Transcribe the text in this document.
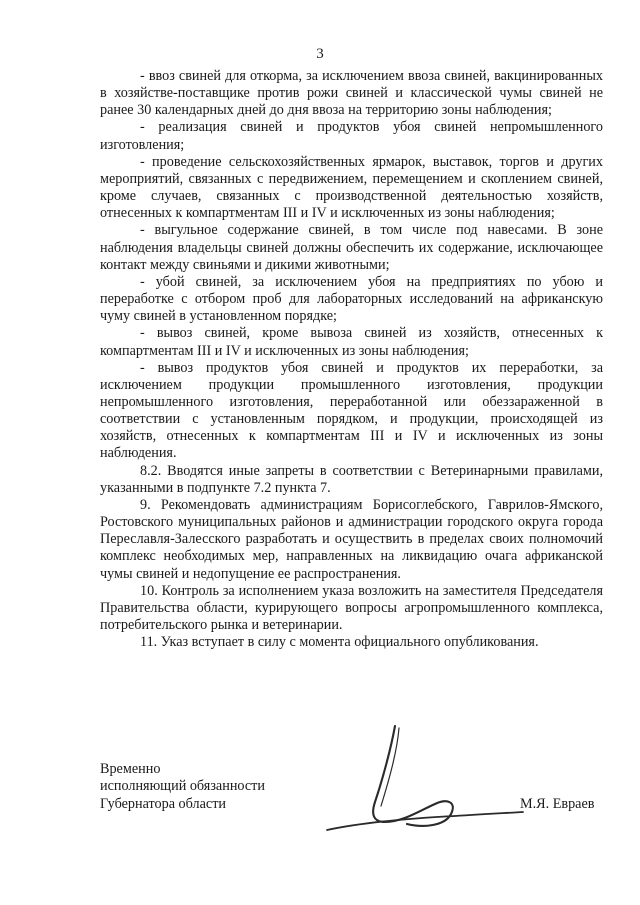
3

- ввоз свиней для откорма, за исключением ввоза свиней, вакцинированных в хозяйстве-поставщике против рожи свиней и классической чумы свиней не ранее 30 календарных дней до дня ввоза на территорию зоны наблюдения;

- реализация свиней и продуктов убоя свиней непромышленного изготовления;

- проведение сельскохозяйственных ярмарок, выставок, торгов и других мероприятий, связанных с передвижением, перемещением и скоплением свиней, кроме случаев, связанных с производственной деятельностью хозяйств, отнесенных к компартментам III и IV и исключенных из зоны наблюдения;

- выгульное содержание свиней, в том числе под навесами. В зоне наблюдения владельцы свиней должны обеспечить их содержание, исключающее контакт между свиньями и дикими животными;

- убой свиней, за исключением убоя на предприятиях по убою и переработке с отбором проб для лабораторных исследований на африканскую чуму свиней в установленном порядке;

- вывоз свиней, кроме вывоза свиней из хозяйств, отнесенных к компартментам III и IV и исключенных из зоны наблюдения;

- вывоз продуктов убоя свиней и продуктов их переработки, за исключением продукции промышленного изготовления, продукции непромышленного изготовления, переработанной или обеззараженной в соответствии с установленным порядком, и продукции, происходящей из хозяйств, отнесенных к компартментам III и IV и исключенных из зоны наблюдения.

8.2. Вводятся иные запреты в соответствии с Ветеринарными правилами, указанными в подпункте 7.2 пункта 7.

9. Рекомендовать администрациям Борисоглебского, Гаврилов-Ямского, Ростовского муниципальных районов и администрации городского округа города Переславля-Залесского разработать и осуществить в пределах своих полномочий комплекс необходимых мер, направленных на ликвидацию очага африканской чумы свиней и недопущение ее распространения.

10. Контроль за исполнением указа возложить на заместителя Председателя Правительства области, курирующего вопросы агропромышленного комплекса, потребительского рынка и ветеринарии.

11. Указ вступает в силу с момента официального опубликования.

Временно
исполняющий обязанности
Губернатора области	М.Я. Евраев
